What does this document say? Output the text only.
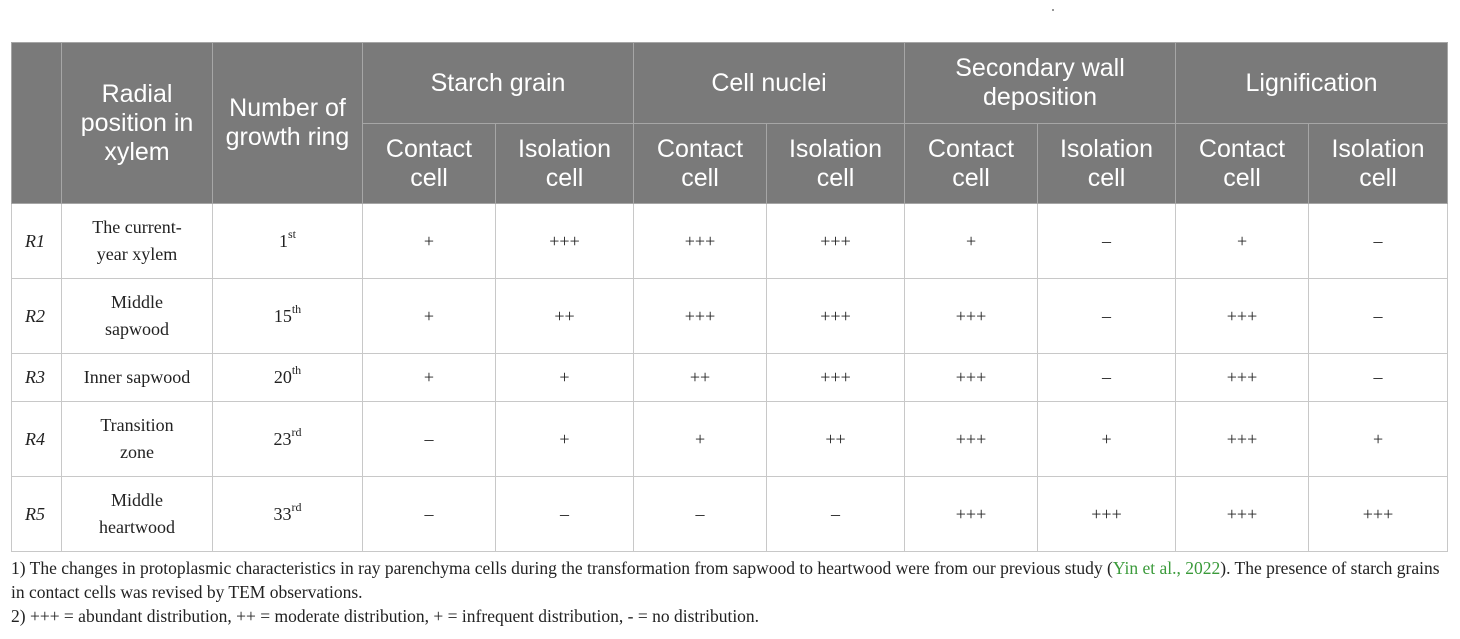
	Radial position in xylem	Number of growth ring	Starch grain		Cell nuclei		Secondary wall deposition		Lignification	
			Contact cell	Isolation cell	Contact cell	Isolation cell	Contact cell	Isolation cell	Contact cell	Isolation cell
R1	The current-year xylem	1st	+	+++	+++	+++	+	–	+	–
R2	Middle sapwood	15th	+	++	+++	+++	+++	–	+++	–
R3	Inner sapwood	20th	+	+	++	+++	+++	–	+++	–
R4	Transition zone	23rd	–	+	+	++	+++	+	+++	+
R5	Middle heartwood	33rd	–	–	–	–	+++	+++	+++	+++

1) The changes in protoplasmic characteristics in ray parenchyma cells during the transformation from sapwood to heartwood were from our previous study (Yin et al., 2022). The presence of starch grains in contact cells was revised by TEM observations.

2) +++ = abundant distribution, ++ = moderate distribution, + = infrequent distribution, - = no distribution.
